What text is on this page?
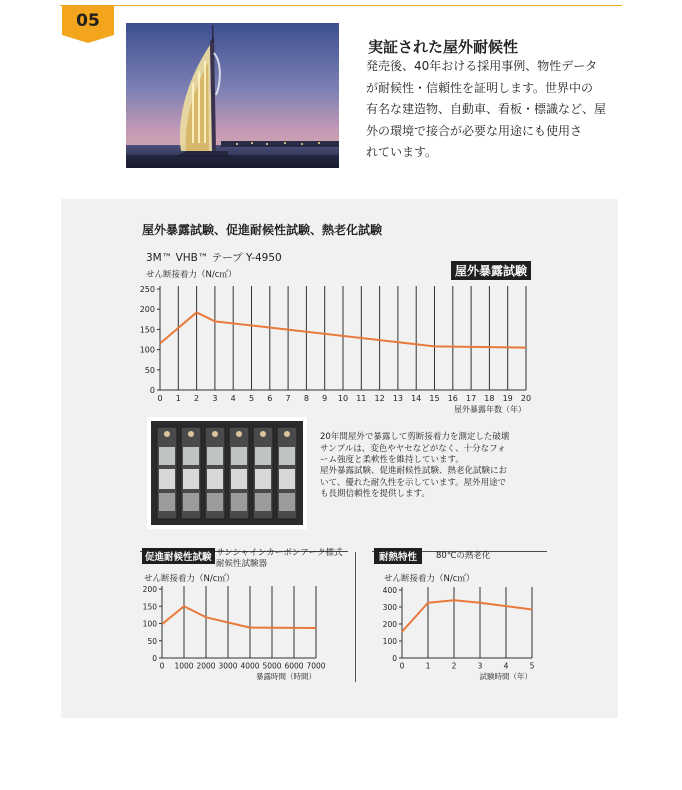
05
実証された屋外耐候性
発売後、40年おける採用事例、物性データ
が耐候性・信頼性を証明します。世界中の
有名な建造物、自動車、看板・標識など、屋
外の環境で接合が必要な用途にも使用さ
れています。
屋外暴露試験、促進耐候性試験、熱老化試験
3M™ VHB™ テープ Y-4950
せん断接着力（N/c㎡）	屋外暴露試験
0
50
100
150
200
250
0 1 2 3 4 5 6 7 8 9 10 11 12 13 14 15 16 17 18 19 20
屋外暴露年数（年）
20年間屋外で暴露して剪断接着力を測定した破壊
サンプルは、変色やヤセなどがなく、十分なフォ
ーム強度と柔軟性を維持しています。
屋外暴露試験、促進耐候性試験、熱老化試験にお
いて、優れた耐久性を示しています。屋外用途で
も長期信頼性を提供します。
促進耐候性試験 サンシャインカーボンアーク標式
耐候性試験器
せん断接着力（N/c㎡）
0
50
100
150
200
0 1000 2000 3000 4000 5000 6000 7000
暴露時間（時間）
耐熱特性	80℃の熱老化
せん断接着力（N/c㎡）
0
100
200
300
400
0	1	2	3	4	5
試験時間（年）
